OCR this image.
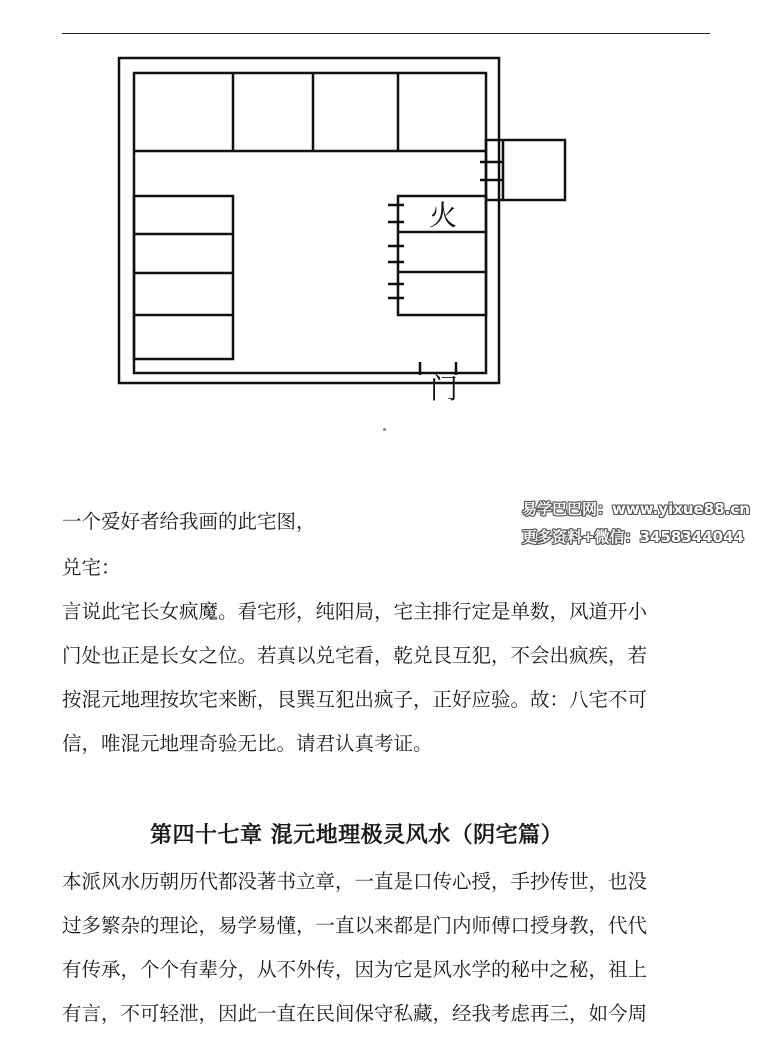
火
门
易学巴巴网：www.yixue88.cn
更多资料+微信：3458344044

一个爱好者给我画的此宅图，

兑宅：

言说此宅长女疯魔。看宅形，纯阳局，宅主排行定是单数，风道开小
门处也正是长女之位。若真以兑宅看，乾兑艮互犯，不会出疯疾，若
按混元地理按坎宅来断，艮巽互犯出疯子，正好应验。故：八宅不可
信，唯混元地理奇验无比。请君认真考证。

第四十七章 混元地理极灵风水（阴宅篇）

本派风水历朝历代都没著书立章，一直是口传心授，手抄传世，也没
过多繁杂的理论，易学易懂，一直以来都是门内师傅口授身教，代代
有传承，个个有辈分，从不外传，因为它是风水学的秘中之秘，祖上
有言，不可轻泄，因此一直在民间保守私藏，经我考虑再三，如今周
